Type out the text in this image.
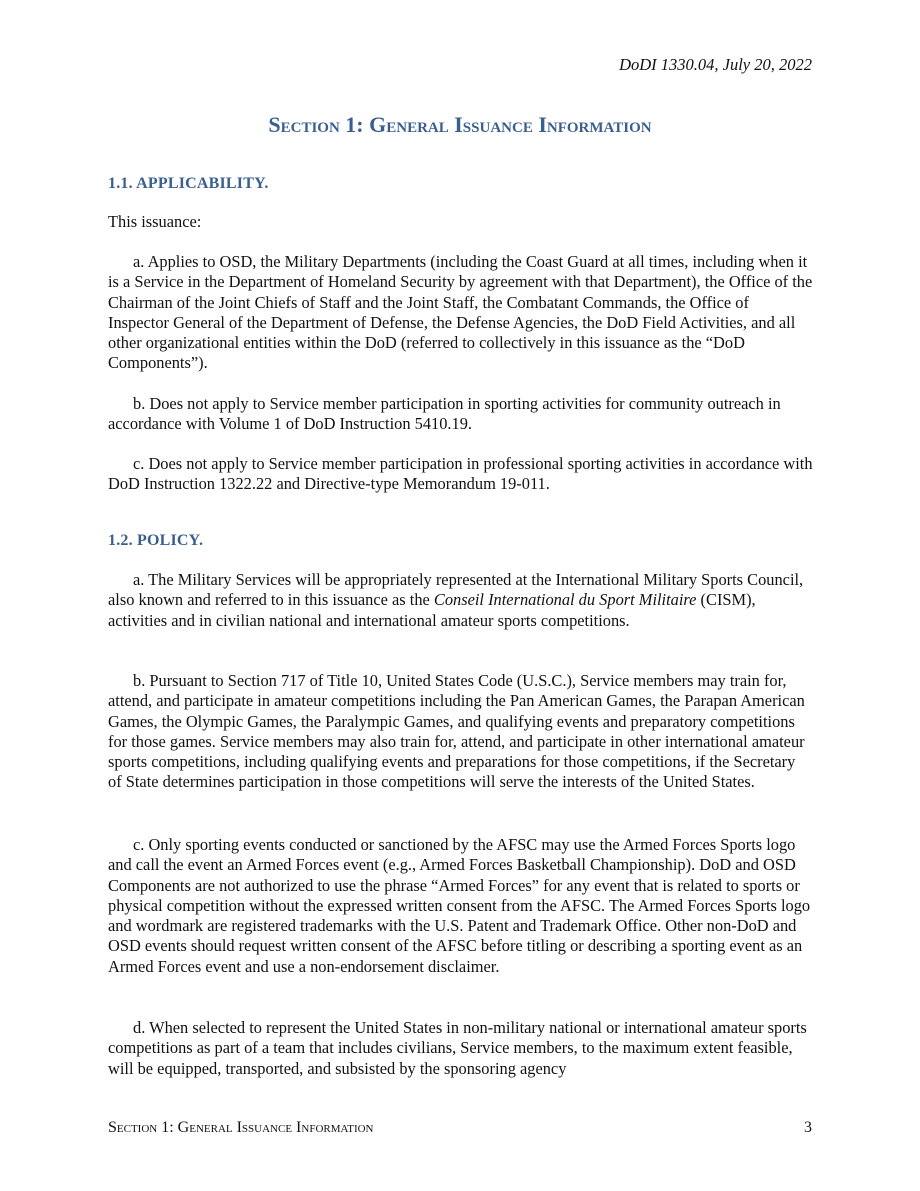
DoDI 1330.04, July 20, 2022
Section 1: General Issuance Information
1.1. APPLICABILITY.

This issuance:

a. Applies to OSD, the Military Departments (including the Coast Guard at all times, including when it is a Service in the Department of Homeland Security by agreement with that Department), the Office of the Chairman of the Joint Chiefs of Staff and the Joint Staff, the Combatant Commands, the Office of Inspector General of the Department of Defense, the Defense Agencies, the DoD Field Activities, and all other organizational entities within the DoD (referred to collectively in this issuance as the “DoD Components”).

b. Does not apply to Service member participation in sporting activities for community outreach in accordance with Volume 1 of DoD Instruction 5410.19.

c. Does not apply to Service member participation in professional sporting activities in accordance with DoD Instruction 1322.22 and Directive-type Memorandum 19-011.

1.2. POLICY.

a. The Military Services will be appropriately represented at the International Military Sports Council, also known and referred to in this issuance as the Conseil International du Sport Militaire (CISM), activities and in civilian national and international amateur sports competitions.

b. Pursuant to Section 717 of Title 10, United States Code (U.S.C.), Service members may train for, attend, and participate in amateur competitions including the Pan American Games, the Parapan American Games, the Olympic Games, the Paralympic Games, and qualifying events and preparatory competitions for those games. Service members may also train for, attend, and participate in other international amateur sports competitions, including qualifying events and preparations for those competitions, if the Secretary of State determines participation in those competitions will serve the interests of the United States.

c. Only sporting events conducted or sanctioned by the AFSC may use the Armed Forces Sports logo and call the event an Armed Forces event (e.g., Armed Forces Basketball Championship). DoD and OSD Components are not authorized to use the phrase “Armed Forces” for any event that is related to sports or physical competition without the expressed written consent from the AFSC. The Armed Forces Sports logo and wordmark are registered trademarks with the U.S. Patent and Trademark Office. Other non-DoD and OSD events should request written consent of the AFSC before titling or describing a sporting event as an Armed Forces event and use a non-endorsement disclaimer.

d. When selected to represent the United States in non-military national or international amateur sports competitions as part of a team that includes civilians, Service members, to the maximum extent feasible, will be equipped, transported, and subsisted by the sponsoring agency

Section 1: General Issuance Information	3
